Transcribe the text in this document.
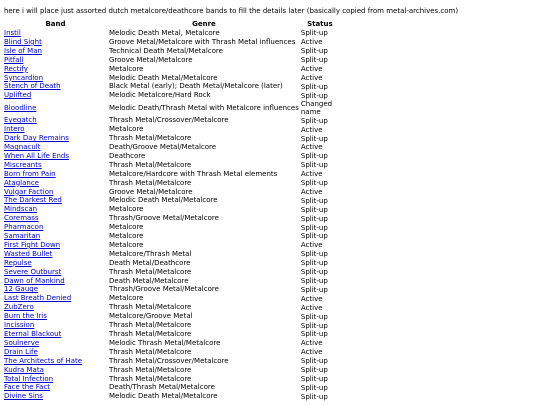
here i will place just assorted dutch metalcore/deathcore bands to fill the details later (basically copied from metal-archives.com)
Band	Genre	Status
Instil	Melodic Death Metal, Metalcore	Split-up
Blind Sight	Groove Metal/Metalcore with Thrash Metal influences	Active
Isle of Man	Technical Death Metal/Metalcore	Split-up
Pitfall	Groove Metal/Metalcore	Split-up
Rectify	Metalcore	Active
Syncardion	Melodic Death Metal/Metalcore	Active
Stench of Death	Black Metal (early); Death Metal/Metalcore (later)	Split-up
Uplifted	Melodic Metalcore/Hard Rock	Split-up
Bloodline	Melodic Death/Thrash Metal with Metalcore influences	Changed name
Eyegatch	Thrash Metal/Crossover/Metalcore	Split-up
Intero	Metalcore	Active
Dark Day Remains	Thrash Metal/Metalcore	Split-up
Magnacult	Death/Groove Metal/Metalcore	Active
When All Life Ends	Deathcore	Split-up
Miscreants	Thrash Metal/Metalcore	Split-up
Born from Pain	Metalcore/Hardcore with Thrash Metal elements	Active
Ataglance	Thrash Metal/Metalcore	Split-up
Vulgar Faction	Groove Metal/Metalcore	Active
The Darkest Red	Melodic Death Metal/Metalcore	Split-up
Mindscan	Metalcore	Split-up
Coremass	Thrash/Groove Metal/Metalcore	Split-up
Pharmacon	Metalcore	Split-up
Samaritan	Metalcore	Split-up
First Fight Down	Metalcore	Active
Wasted Bullet	Metalcore/Thrash Metal	Split-up
Repulse	Death Metal/Deathcore	Split-up
Severe Outburst	Thrash Metal/Metalcore	Split-up
Dawn of Mankind	Death Metal/Metalcore	Split-up
12 Gauge	Thrash/Groove Metal/Metalcore	Split-up
Last Breath Denied	Metalcore	Active
ZubZero	Thrash Metal/Metalcore	Active
Burn the Iris	Metalcore/Groove Metal	Split-up
Incission	Thrash Metal/Metalcore	Split-up
Eternal Blackout	Thrash Metal/Metalcore	Split-up
Soulnerve	Melodic Thrash Metal/Metalcore	Active
Drain Life	Thrash Metal/Metalcore	Active
The Architects of Hate	Thrash Metal/Crossover/Metalcore	Split-up
Kudra Mata	Thrash Metal/Metalcore	Split-up
Total Infection	Thrash Metal/Metalcore	Split-up
Face the Fact	Death/Thrash Metal/Metalcore	Split-up
Divine Sins	Melodic Death Metal/Metalcore	Split-up
